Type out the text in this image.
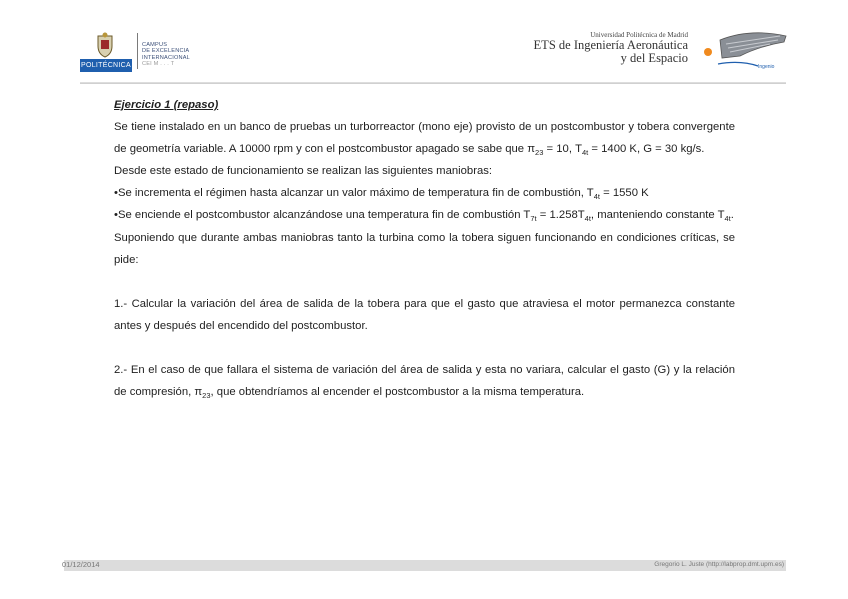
POLITÉCNICA
CAMPUS
DE EXCELENCIA
INTERNACIONAL
CEI M . . . T
Universidad Politécnica de Madrid
ETS de Ingeniería Aeronáutica
y del Espacio
Ingenio

Ejercicio 1 (repaso)

Se tiene instalado en un banco de pruebas un turborreactor (mono eje) provisto de un postcombustor y tobera convergente de geometría variable. A 10000 rpm y con el postcombustor apagado se sabe que $\pi_{23} = 10$, $T_{4t} = 1400$ K, G = 30 kg/s.

Desde este estado de funcionamiento se realizan las siguientes maniobras:

•Se incrementa el régimen hasta alcanzar un valor máximo de temperatura fin de combustión, $T_{4t} = 1550$ K

•Se enciende el postcombustor alcanzándose una temperatura fin de combustión $T_{7t} = 1.258T_{4t}$, manteniendo constante $T_{4t}$.

Suponiendo que durante ambas maniobras tanto la turbina como la tobera siguen funcionando en condiciones críticas, se pide:

1.- Calcular la variación del área de salida de la tobera para que el gasto que atraviesa el motor permanezca constante antes y después del encendido del postcombustor.

2.- En el caso de que fallara el sistema de variación del área de salida y esta no variara, calcular el gasto (G) y la relación de compresión, $\pi_{23}$, que obtendríamos al encender el postcombustor a la misma temperatura.

01/12/2014	Gregorio L. Juste (http://labprop.dmt.upm.es)
